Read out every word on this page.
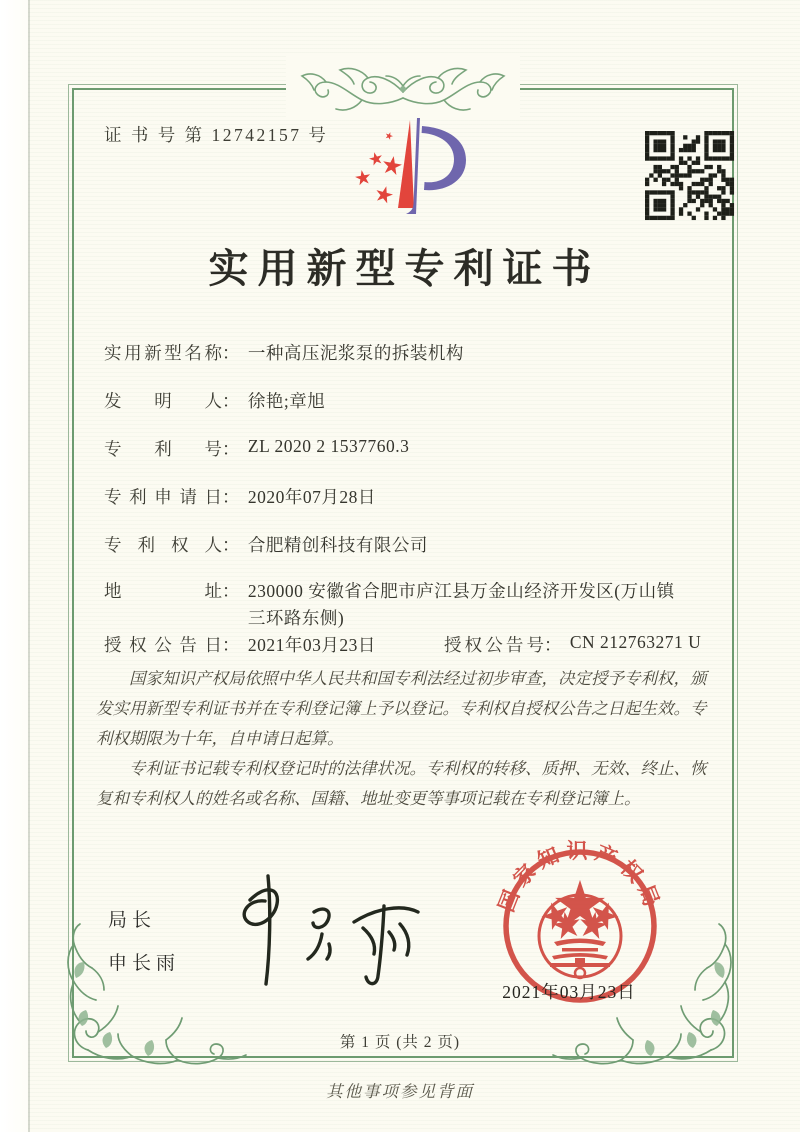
证 书 号 第 12742157 号
实用新型专利证书
实用新型名称： 一种高压泥浆泵的拆装机构
发明人： 徐艳;章旭
专利号： ZL 2020 2 1537760.3
专利申请日： 2020年07月28日
专利权人： 合肥精创科技有限公司
地址： 230000 安徽省合肥市庐江县万金山经济开发区(万山镇三环路东侧)
授权公告日： 2021年03月23日	授权公告号： CN 212763271 U

国家知识产权局依照中华人民共和国专利法经过初步审查，决定授予专利权，颁发实用新型专利证书并在专利登记簿上予以登记。专利权自授权公告之日起生效。专利权期限为十年，自申请日起算。

专利证书记载专利权登记时的法律状况。专利权的转移、质押、无效、终止、恢复和专利权人的姓名或名称、国籍、地址变更等事项记载在专利登记簿上。

局长
申长雨
国家知识产权局
2021年03月23日
第 1 页 (共 2 页)
其他事项参见背面
